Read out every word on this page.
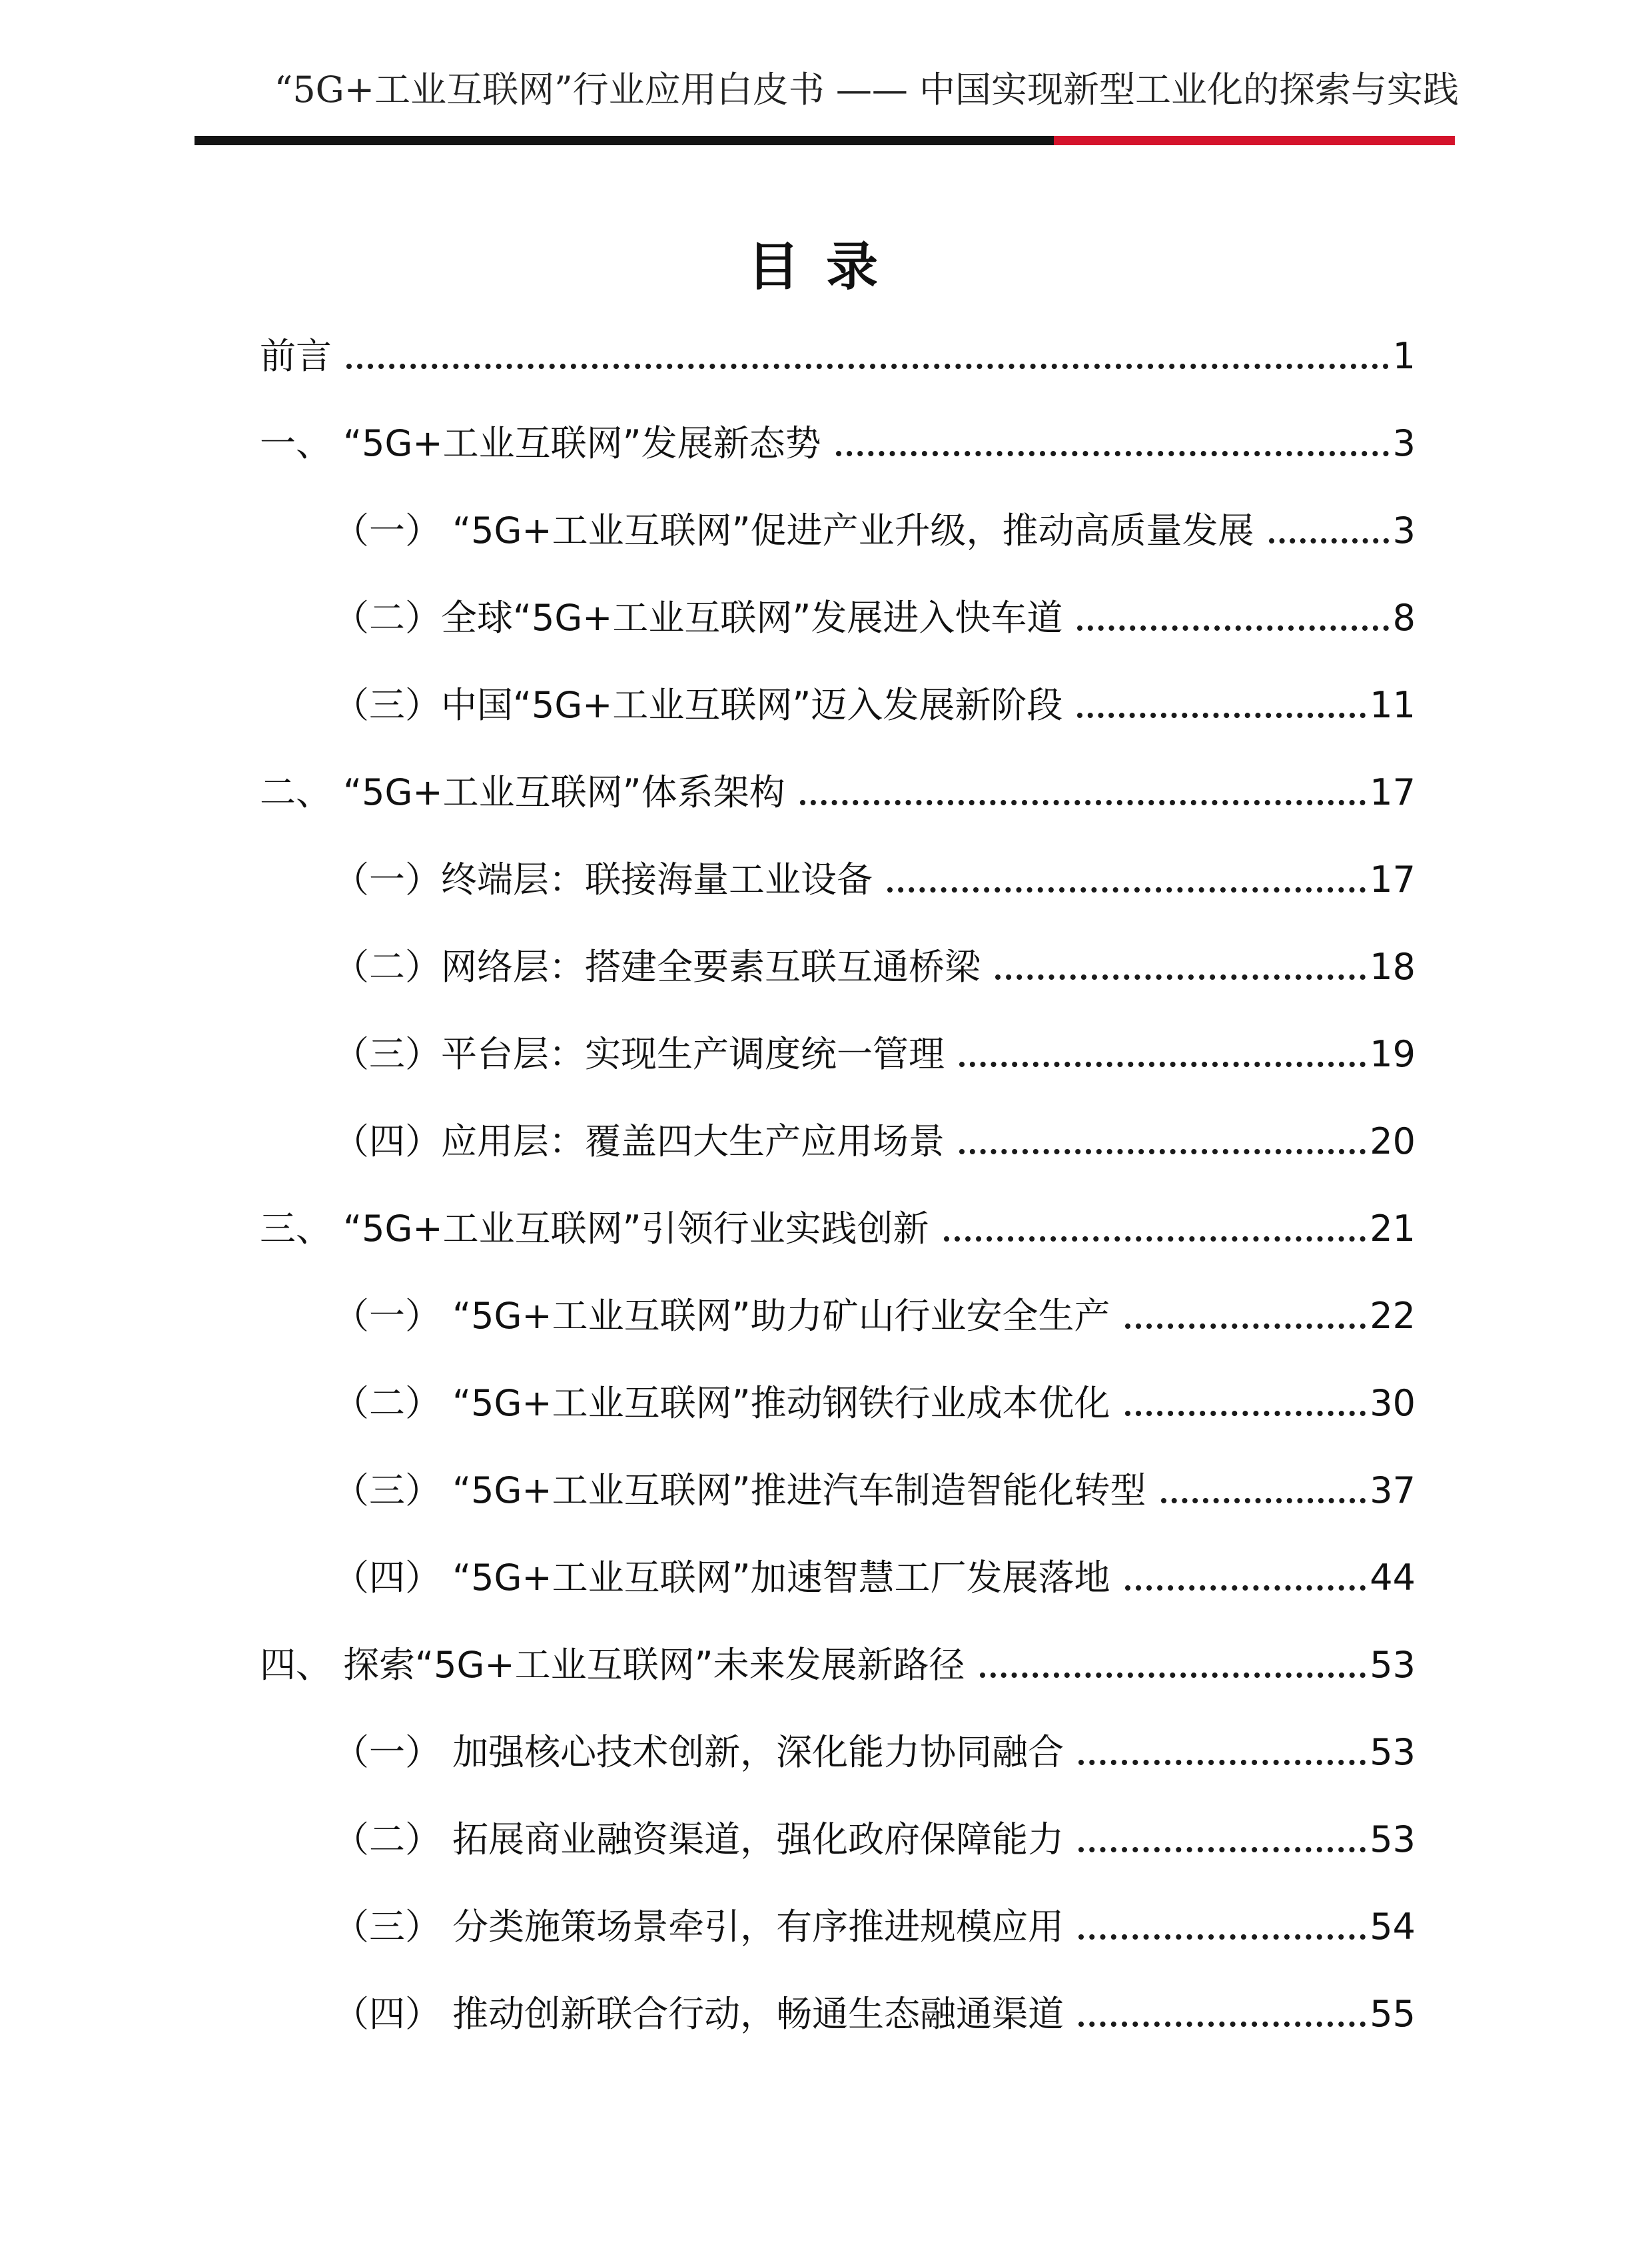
“5G+工业互联网”行业应用白皮书 —— 中国实现新型工业化的探索与实践
目录
前言	1
一、 “5G+工业互联网”发展新态势	3
（一） “5G+工业互联网”促进产业升级，推动高质量发展	3
（二）全球“5G+工业互联网”发展进入快车道	8
（三）中国“5G+工业互联网”迈入发展新阶段	11
二、 “5G+工业互联网”体系架构	17
（一）终端层：联接海量工业设备	17
（二）网络层：搭建全要素互联互通桥梁	18
（三）平台层：实现生产调度统一管理	19
（四）应用层：覆盖四大生产应用场景	20
三、 “5G+工业互联网”引领行业实践创新	21
（一） “5G+工业互联网”助力矿山行业安全生产	22
（二） “5G+工业互联网”推动钢铁行业成本优化	30
（三） “5G+工业互联网”推进汽车制造智能化转型	37
（四） “5G+工业互联网”加速智慧工厂发展落地	44
四、 探索“5G+工业互联网”未来发展新路径	53
（一） 加强核心技术创新，深化能力协同融合	53
（二） 拓展商业融资渠道，强化政府保障能力	53
（三） 分类施策场景牵引，有序推进规模应用	54
（四） 推动创新联合行动，畅通生态融通渠道	55
